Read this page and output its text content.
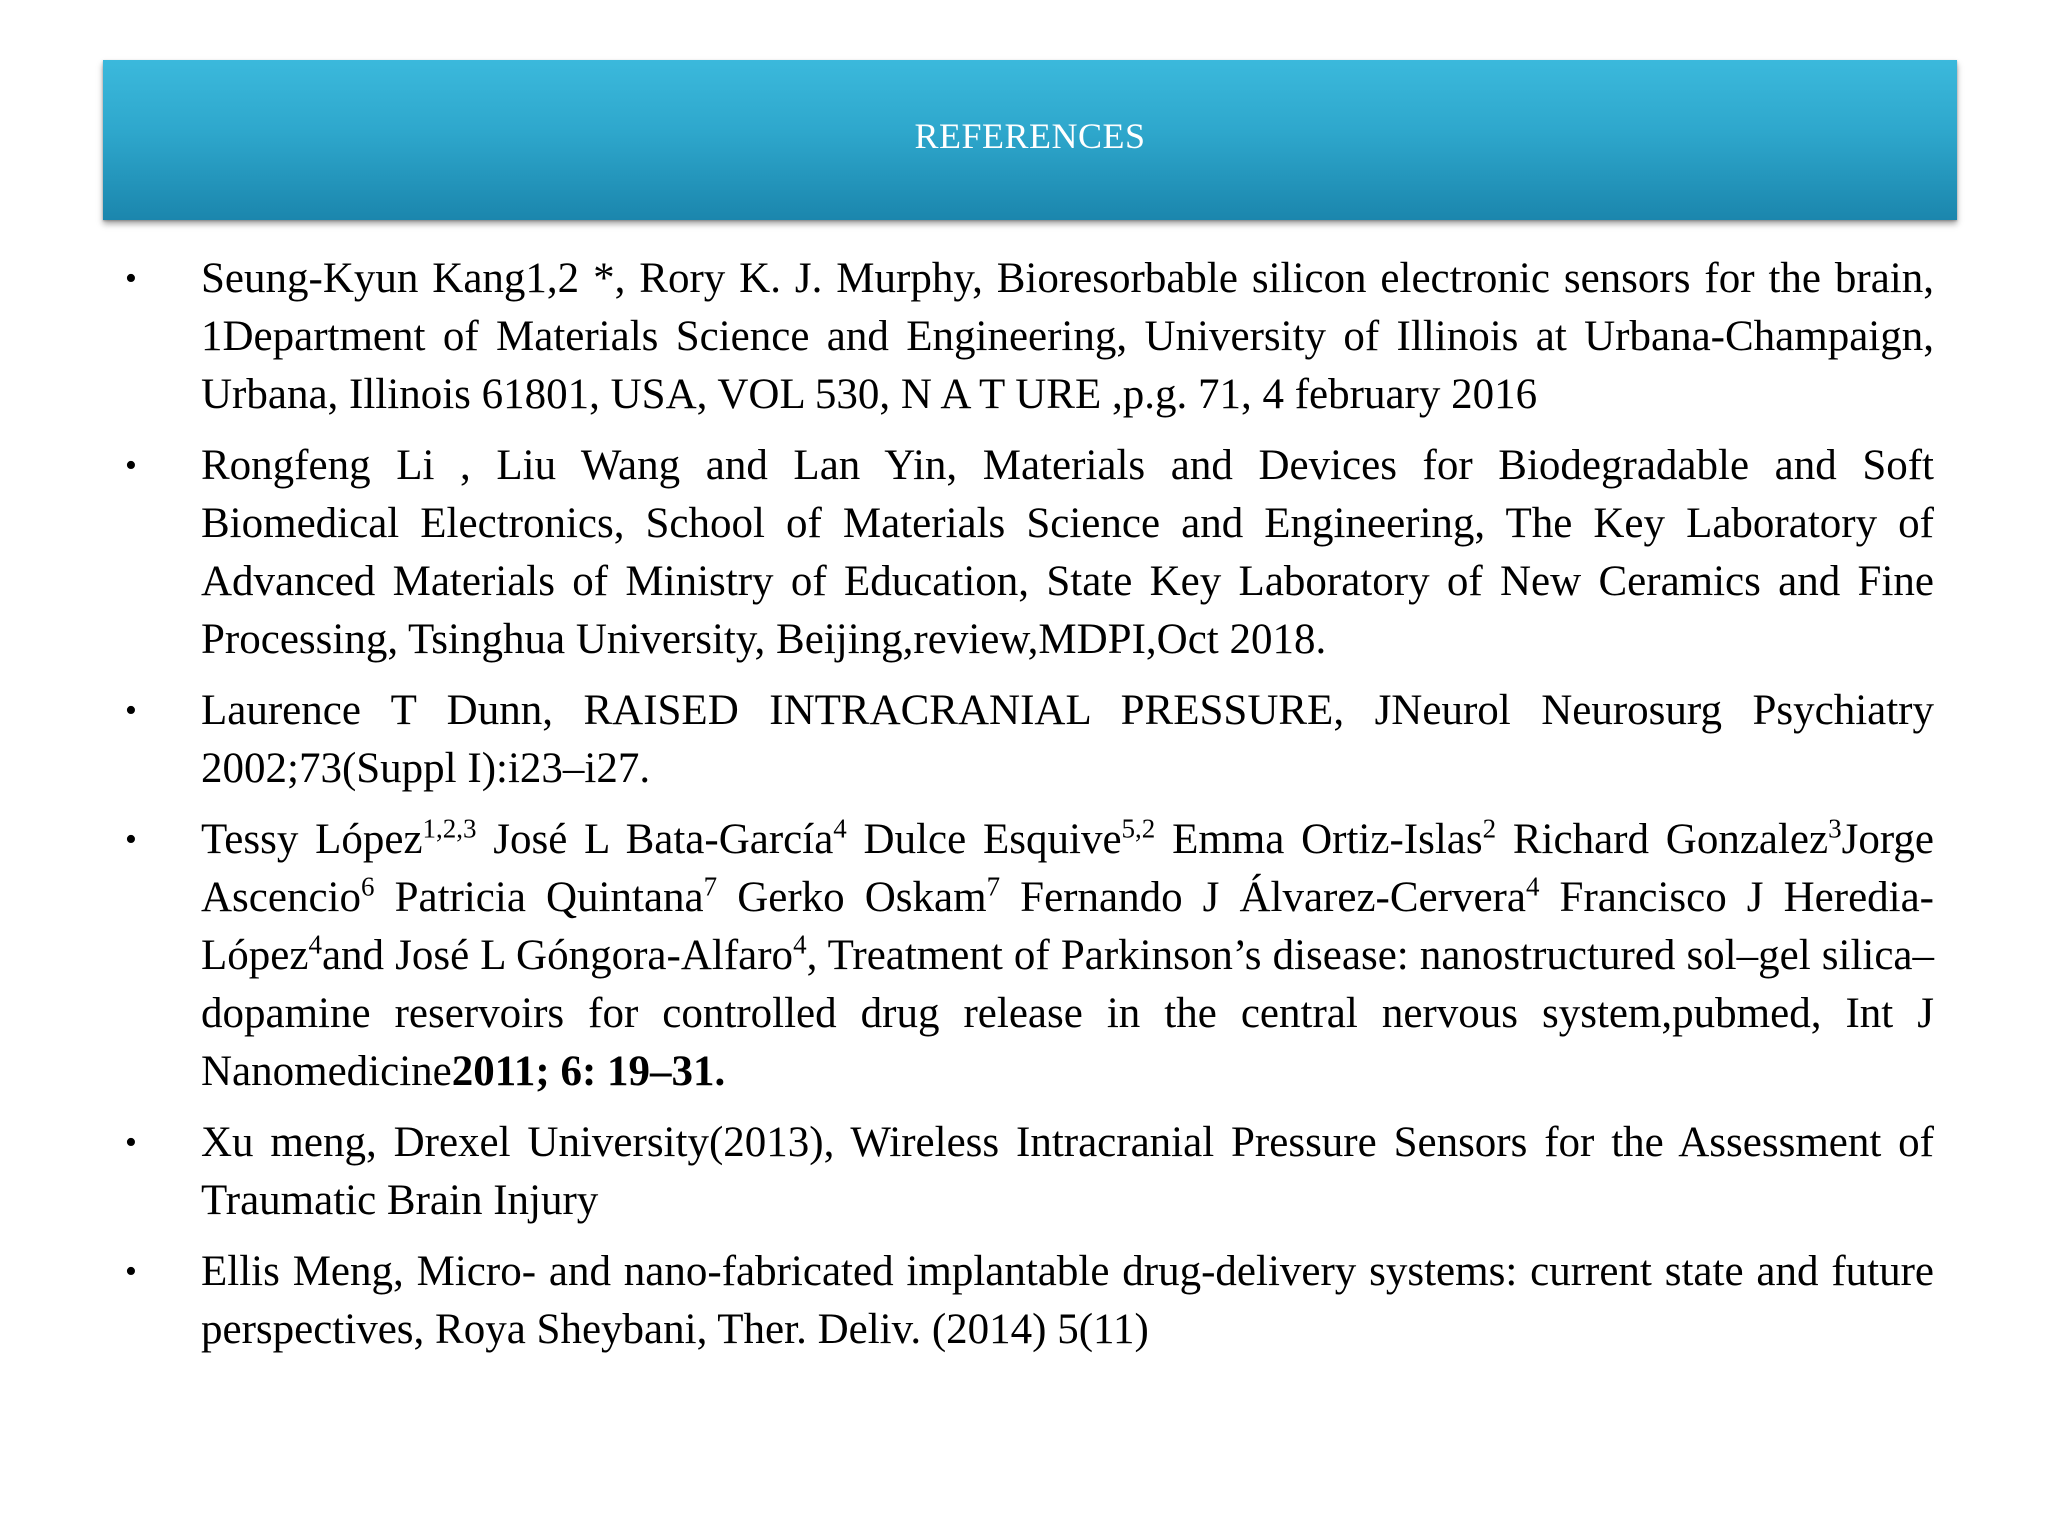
REFERENCES
• Seung-Kyun Kang1,2 *, Rory K. J. Murphy, Bioresorbable silicon electronic sensors for the brain, 1Department of Materials Science and Engineering, University of Illinois at Urbana-Champaign, Urbana, Illinois 61801, USA, VOL 530, N A T URE ,p.g. 71, 4 february 2016
• Rongfeng Li , Liu Wang and Lan Yin, Materials and Devices for Biodegradable and Soft Biomedical Electronics, School of Materials Science and Engineering, The Key Laboratory of Advanced Materials of Ministry of Education, State Key Laboratory of New Ceramics and Fine Processing, Tsinghua University, Beijing,review,MDPI,Oct 2018.
• Laurence T Dunn, RAISED INTRACRANIAL PRESSURE, JNeurol Neurosurg Psychiatry 2002;73(Suppl I):i23–i27.
• Tessy López$^{1,2,3}$ José L Bata-García$^4$ Dulce Esquive$^{5,2}$ Emma Ortiz-Islas$^2$ Richard Gonzalez$^3$Jorge Ascencio$^6$ Patricia Quintana$^7$ Gerko Oskam$^7$ Fernando J Álvarez-Cervera$^4$ Francisco J Heredia-López$^4$and José L Góngora-Alfaro$^4$, Treatment of Parkinson’s disease: nanostructured sol–gel silica–dopamine reservoirs for controlled drug release in the central nervous system,pubmed, Int J Nanomedicine2011; 6: 19–31.
• Xu meng, Drexel University(2013), Wireless Intracranial Pressure Sensors for the Assessment of Traumatic Brain Injury
• Ellis Meng, Micro- and nano-fabricated implantable drug-delivery systems: current state and future perspectives, Roya Sheybani, Ther. Deliv. (2014) 5(11)
